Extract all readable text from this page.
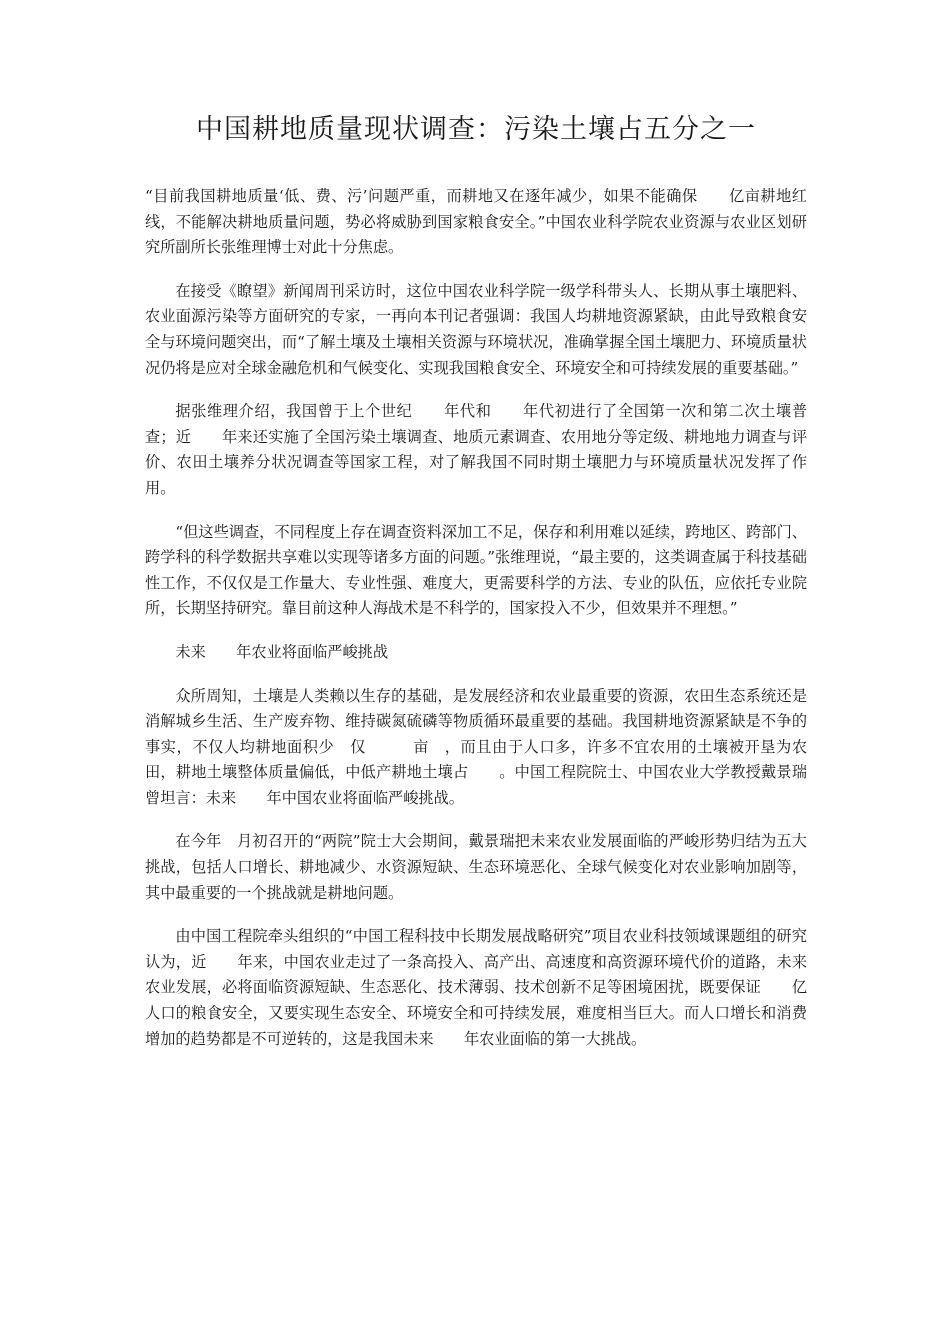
中国耕地质量现状调查：污染土壤占五分之一

“目前我国耕地质量‘低、费、污’问题严重，而耕地又在逐年减少，如果不能确保　　亿亩耕地红线，不能解决耕地质量问题，势必将威胁到国家粮食安全。”中国农业科学院农业资源与农业区划研究所副所长张维理博士对此十分焦虑。

在接受《瞭望》新闻周刊采访时，这位中国农业科学院一级学科带头人、长期从事土壤肥料、农业面源污染等方面研究的专家，一再向本刊记者强调：我国人均耕地资源紧缺，由此导致粮食安全与环境问题突出，而“了解土壤及土壤相关资源与环境状况，准确掌握全国土壤肥力、环境质量状况仍将是应对全球金融危机和气候变化、实现我国粮食安全、环境安全和可持续发展的重要基础。”

据张维理介绍，我国曾于上个世纪　　年代和　　年代初进行了全国第一次和第二次土壤普查；近　　年来还实施了全国污染土壤调查、地质元素调查、农用地分等定级、耕地地力调查与评价、农田土壤养分状况调查等国家工程，对了解我国不同时期土壤肥力与环境质量状况发挥了作用。

“但这些调查，不同程度上存在调查资料深加工不足，保存和利用难以延续，跨地区、跨部门、跨学科的科学数据共享难以实现等诸多方面的问题。”张维理说，“最主要的，这类调查属于科技基础性工作，不仅仅是工作量大、专业性强、难度大，更需要科学的方法、专业的队伍，应依托专业院所，长期坚持研究。靠目前这种人海战术是不科学的，国家投入不少，但效果并不理想。”

未来　　年农业将面临严峻挑战

众所周知，土壤是人类赖以生存的基础，是发展经济和农业最重要的资源，农田生态系统还是消解城乡生活、生产废弃物、维持碳氮硫磷等物质循环最重要的基础。我国耕地资源紧缺是不争的事实，不仅人均耕地面积少　仅　　　亩　，而且由于人口多，许多不宜农用的土壤被开垦为农田，耕地土壤整体质量偏低，中低产耕地土壤占　　。中国工程院院士、中国农业大学教授戴景瑞曾坦言：未来　　年中国农业将面临严峻挑战。

在今年　月初召开的“两院”院士大会期间，戴景瑞把未来农业发展面临的严峻形势归结为五大挑战，包括人口增长、耕地减少、水资源短缺、生态环境恶化、全球气候变化对农业影响加剧等，其中最重要的一个挑战就是耕地问题。

由中国工程院牵头组织的“中国工程科技中长期发展战略研究”项目农业科技领域课题组的研究认为，近　　年来，中国农业走过了一条高投入、高产出、高速度和高资源环境代价的道路，未来农业发展，必将面临资源短缺、生态恶化、技术薄弱、技术创新不足等困境困扰，既要保证　　亿人口的粮食安全，又要实现生态安全、环境安全和可持续发展，难度相当巨大。而人口增长和消费增加的趋势都是不可逆转的，这是我国未来　　年农业面临的第一大挑战。
